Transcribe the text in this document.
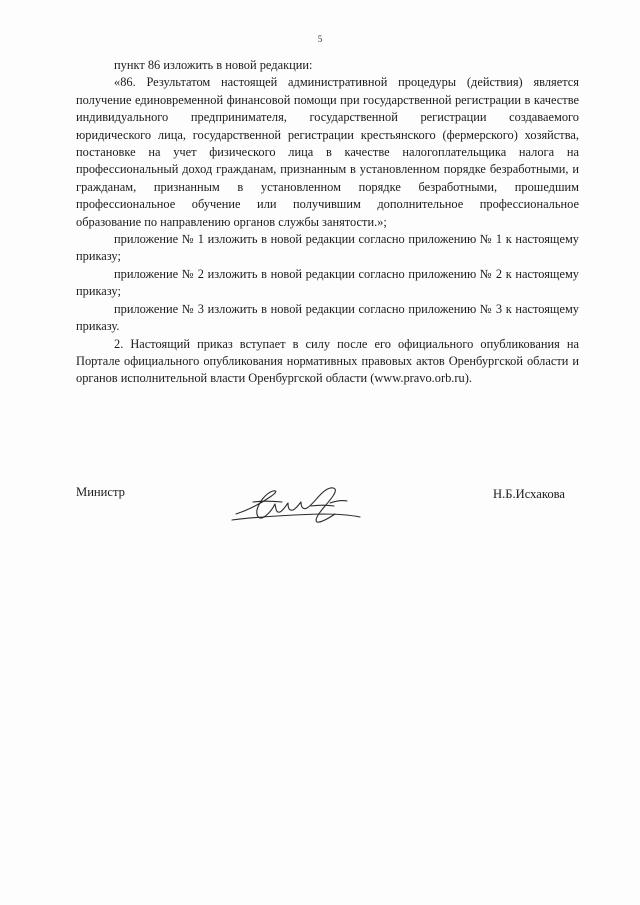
5

пункт 86 изложить в новой редакции:

«86. Результатом настоящей административной процедуры (действия) является получение единовременной финансовой помощи при государственной регистрации в качестве индивидуального предпринимателя, государственной регистрации создаваемого юридического лица, государственной регистрации крестьянского (фермерского) хозяйства, постановке на учет физического лица в качестве налогоплательщика налога на профессиональный доход гражданам, признанным в установленном порядке безработными, и гражданам, признанным в установленном порядке безработными, прошедшим профессиональное обучение или получившим дополнительное профессиональное образование по направлению органов службы занятости.»;

приложение № 1 изложить в новой редакции согласно приложению № 1 к настоящему приказу;

приложение № 2 изложить в новой редакции согласно приложению № 2 к настоящему приказу;

приложение № 3 изложить в новой редакции согласно приложению № 3 к настоящему приказу.

2. Настоящий приказ вступает в силу после его официального опубликования на Портале официального опубликования нормативных правовых актов Оренбургской области и органов исполнительной власти Оренбургской области (www.pravo.orb.ru).

Министр	Н.Б.Исхакова
